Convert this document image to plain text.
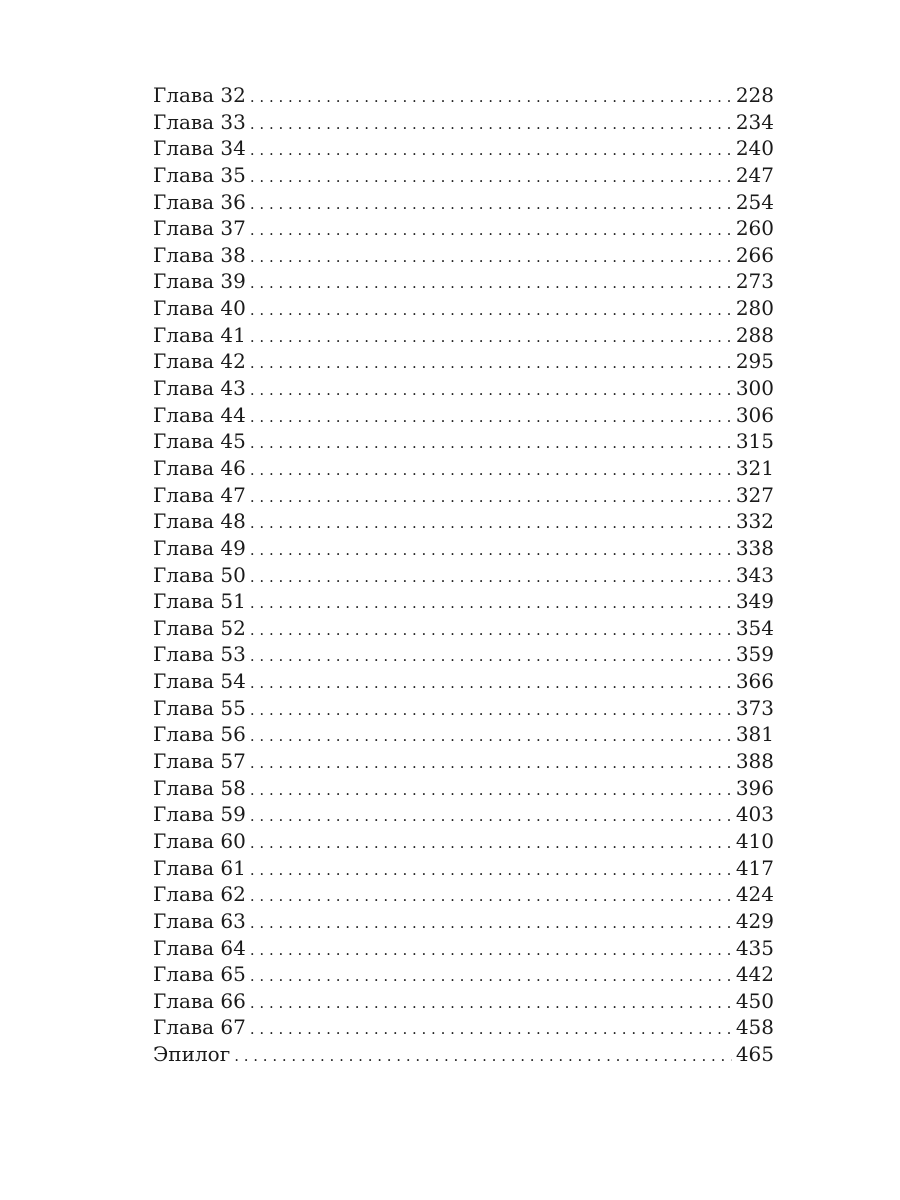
Глава 32 . . .	228
Глава 33 . . .	234
Глава 34 . . .	240
Глава 35 . . .	247
Глава 36 . . .	254
Глава 37 . . .	260
Глава 38 . . .	266
Глава 39 . . .	273
Глава 40 . . .	280
Глава 41 . . .	288
Глава 42 . . .	295
Глава 43 . . .	300
Глава 44 . . .	306
Глава 45 . . .	315
Глава 46 . . .	321
Глава 47 . . .	327
Глава 48 . . .	332
Глава 49 . . .	338
Глава 50 . . .	343
Глава 51 . . .	349
Глава 52 . . .	354
Глава 53 . . .	359
Глава 54 . . .	366
Глава 55 . . .	373
Глава 56 . . .	381
Глава 57 . . .	388
Глава 58 . . .	396
Глава 59 . . .	403
Глава 60 . . .	410
Глава 61 . . .	417
Глава 62 . . .	424
Глава 63 . . .	429
Глава 64 . . .	435
Глава 65 . . .	442
Глава 66 . . .	450
Глава 67 . . .	458
Эпилог . . .	465
